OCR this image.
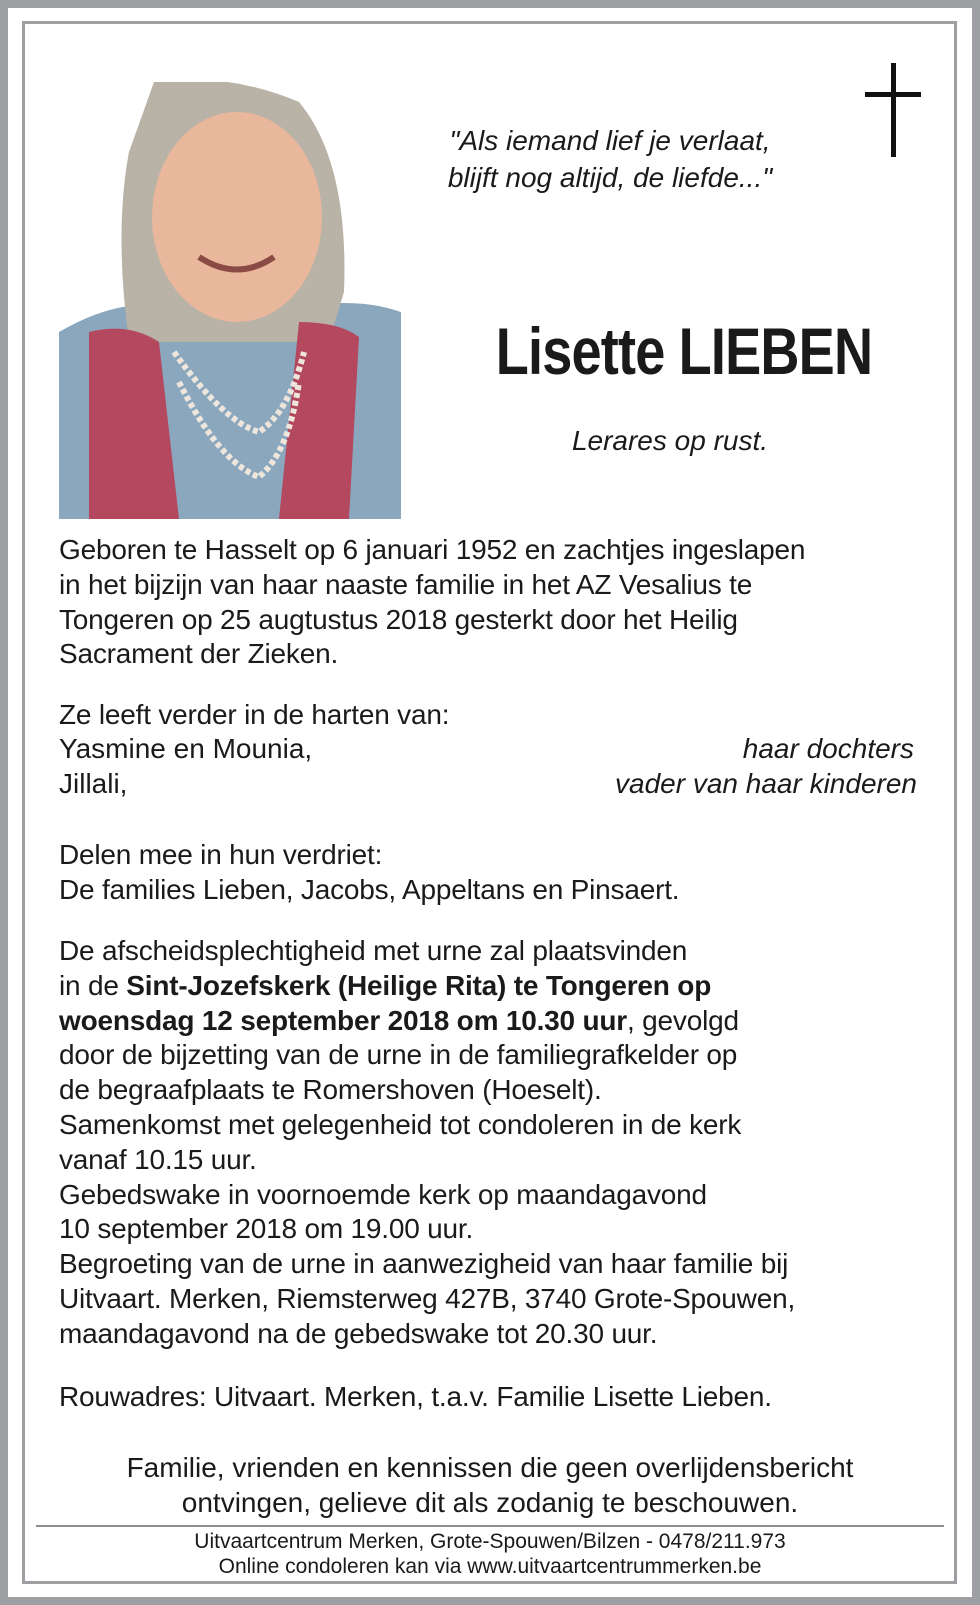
"Als iemand lief je verlaat,
blijft nog altijd, de liefde..."
Lisette LIEBEN
Lerares op rust.
Geboren te Hasselt op 6 januari 1952 en zachtjes ingeslapen
in het bijzijn van haar naaste familie in het AZ Vesalius te
Tongeren op 25 augtustus 2018 gesterkt door het Heilig
Sacrament der Zieken.
Ze leeft verder in de harten van:
Yasmine en Mounia,	haar dochters
Jillali,	vader van haar kinderen
Delen mee in hun verdriet:
De families Lieben, Jacobs, Appeltans en Pinsaert.
De afscheidsplechtigheid met urne zal plaatsvinden
in de Sint-Jozefskerk (Heilige Rita) te Tongeren op
woensdag 12 september 2018 om 10.30 uur, gevolgd
door de bijzetting van de urne in de familiegrafkelder op
de begraafplaats te Romershoven (Hoeselt).
Samenkomst met gelegenheid tot condoleren in de kerk
vanaf 10.15 uur.
Gebedswake in voornoemde kerk op maandagavond
10 september 2018 om 19.00 uur.
Begroeting van de urne in aanwezigheid van haar familie bij
Uitvaart. Merken, Riemsterweg 427B, 3740 Grote-Spouwen,
maandagavond na de gebedswake tot 20.30 uur.
Rouwadres: Uitvaart. Merken, t.a.v. Familie Lisette Lieben.
Familie, vrienden en kennissen die geen overlijdensbericht
ontvingen, gelieve dit als zodanig te beschouwen.
Uitvaartcentrum Merken, Grote-Spouwen/Bilzen - 0478/211.973
Online condoleren kan via www.uitvaartcentrummerken.be
